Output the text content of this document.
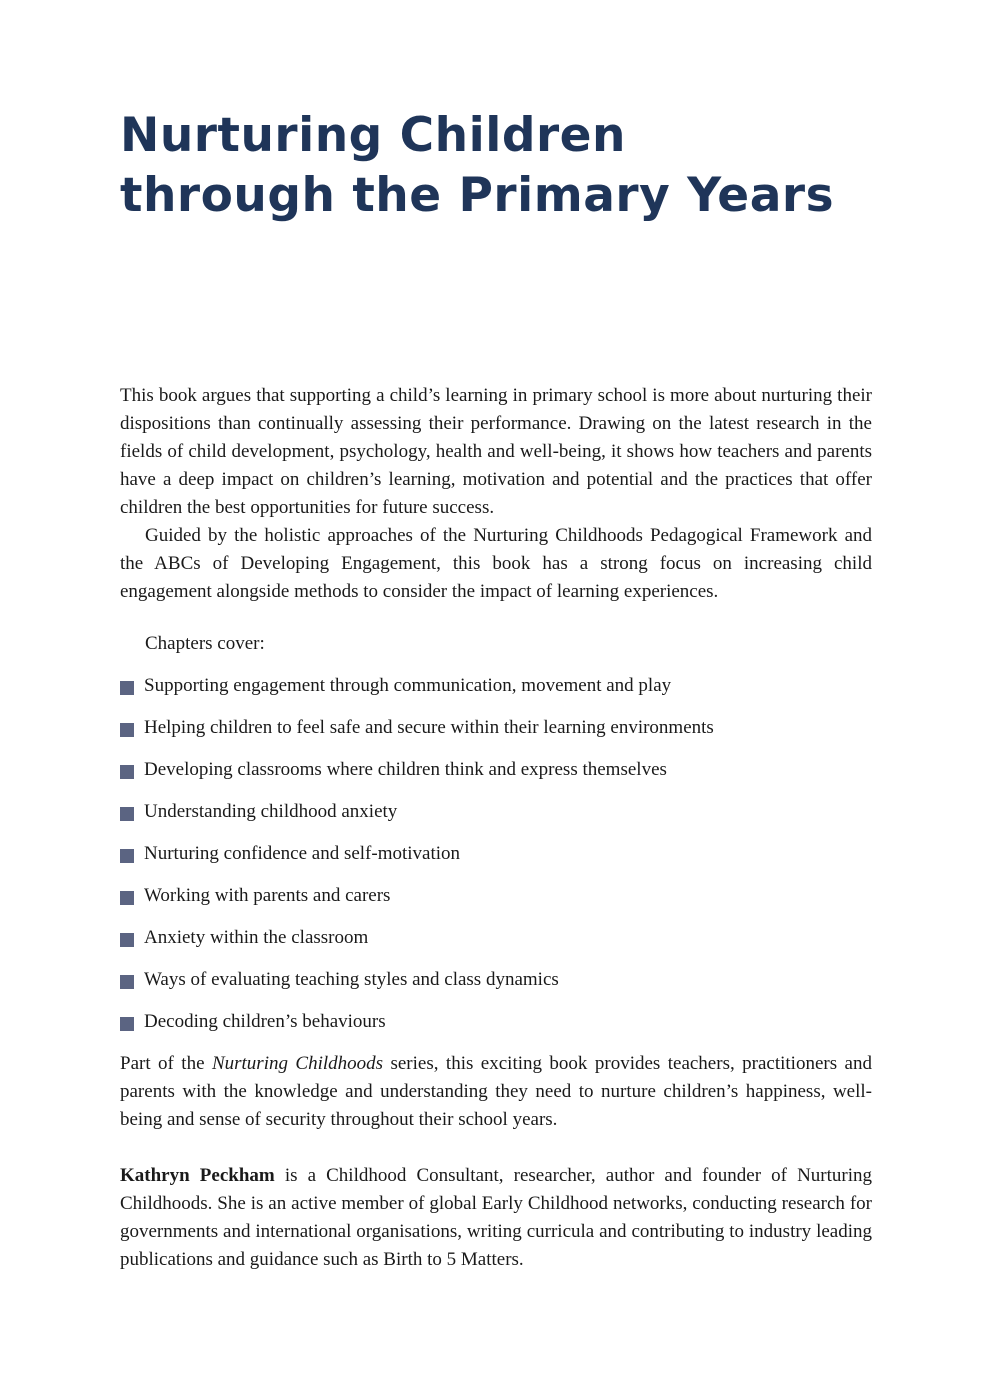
Nurturing Children
through the Primary Years

This book argues that supporting a child’s learning in primary school is more about nurturing their dispositions than continually assessing their performance. Drawing on the latest research in the fields of child development, psychology, health and well-being, it shows how teachers and parents have a deep impact on children’s learning, motivation and potential and the practices that offer children the best opportunities for future success.

Guided by the holistic approaches of the Nurturing Childhoods Pedagogical Framework and the ABCs of Developing Engagement, this book has a strong focus on increasing child engagement alongside methods to consider the impact of learning experiences.

Chapters cover:

Supporting engagement through communication, movement and play
Helping children to feel safe and secure within their learning environments
Developing classrooms where children think and express themselves
Understanding childhood anxiety
Nurturing confidence and self-motivation
Working with parents and carers
Anxiety within the classroom
Ways of evaluating teaching styles and class dynamics
Decoding children’s behaviours

Part of the Nurturing Childhoods series, this exciting book provides teachers, practitioners and parents with the knowledge and understanding they need to nurture children’s happiness, well-being and sense of security throughout their school years.

Kathryn Peckham is a Childhood Consultant, researcher, author and founder of Nurturing Childhoods. She is an active member of global Early Childhood networks, conducting research for governments and international organisations, writing curricula and contributing to industry leading publications and guidance such as Birth to 5 Matters.
